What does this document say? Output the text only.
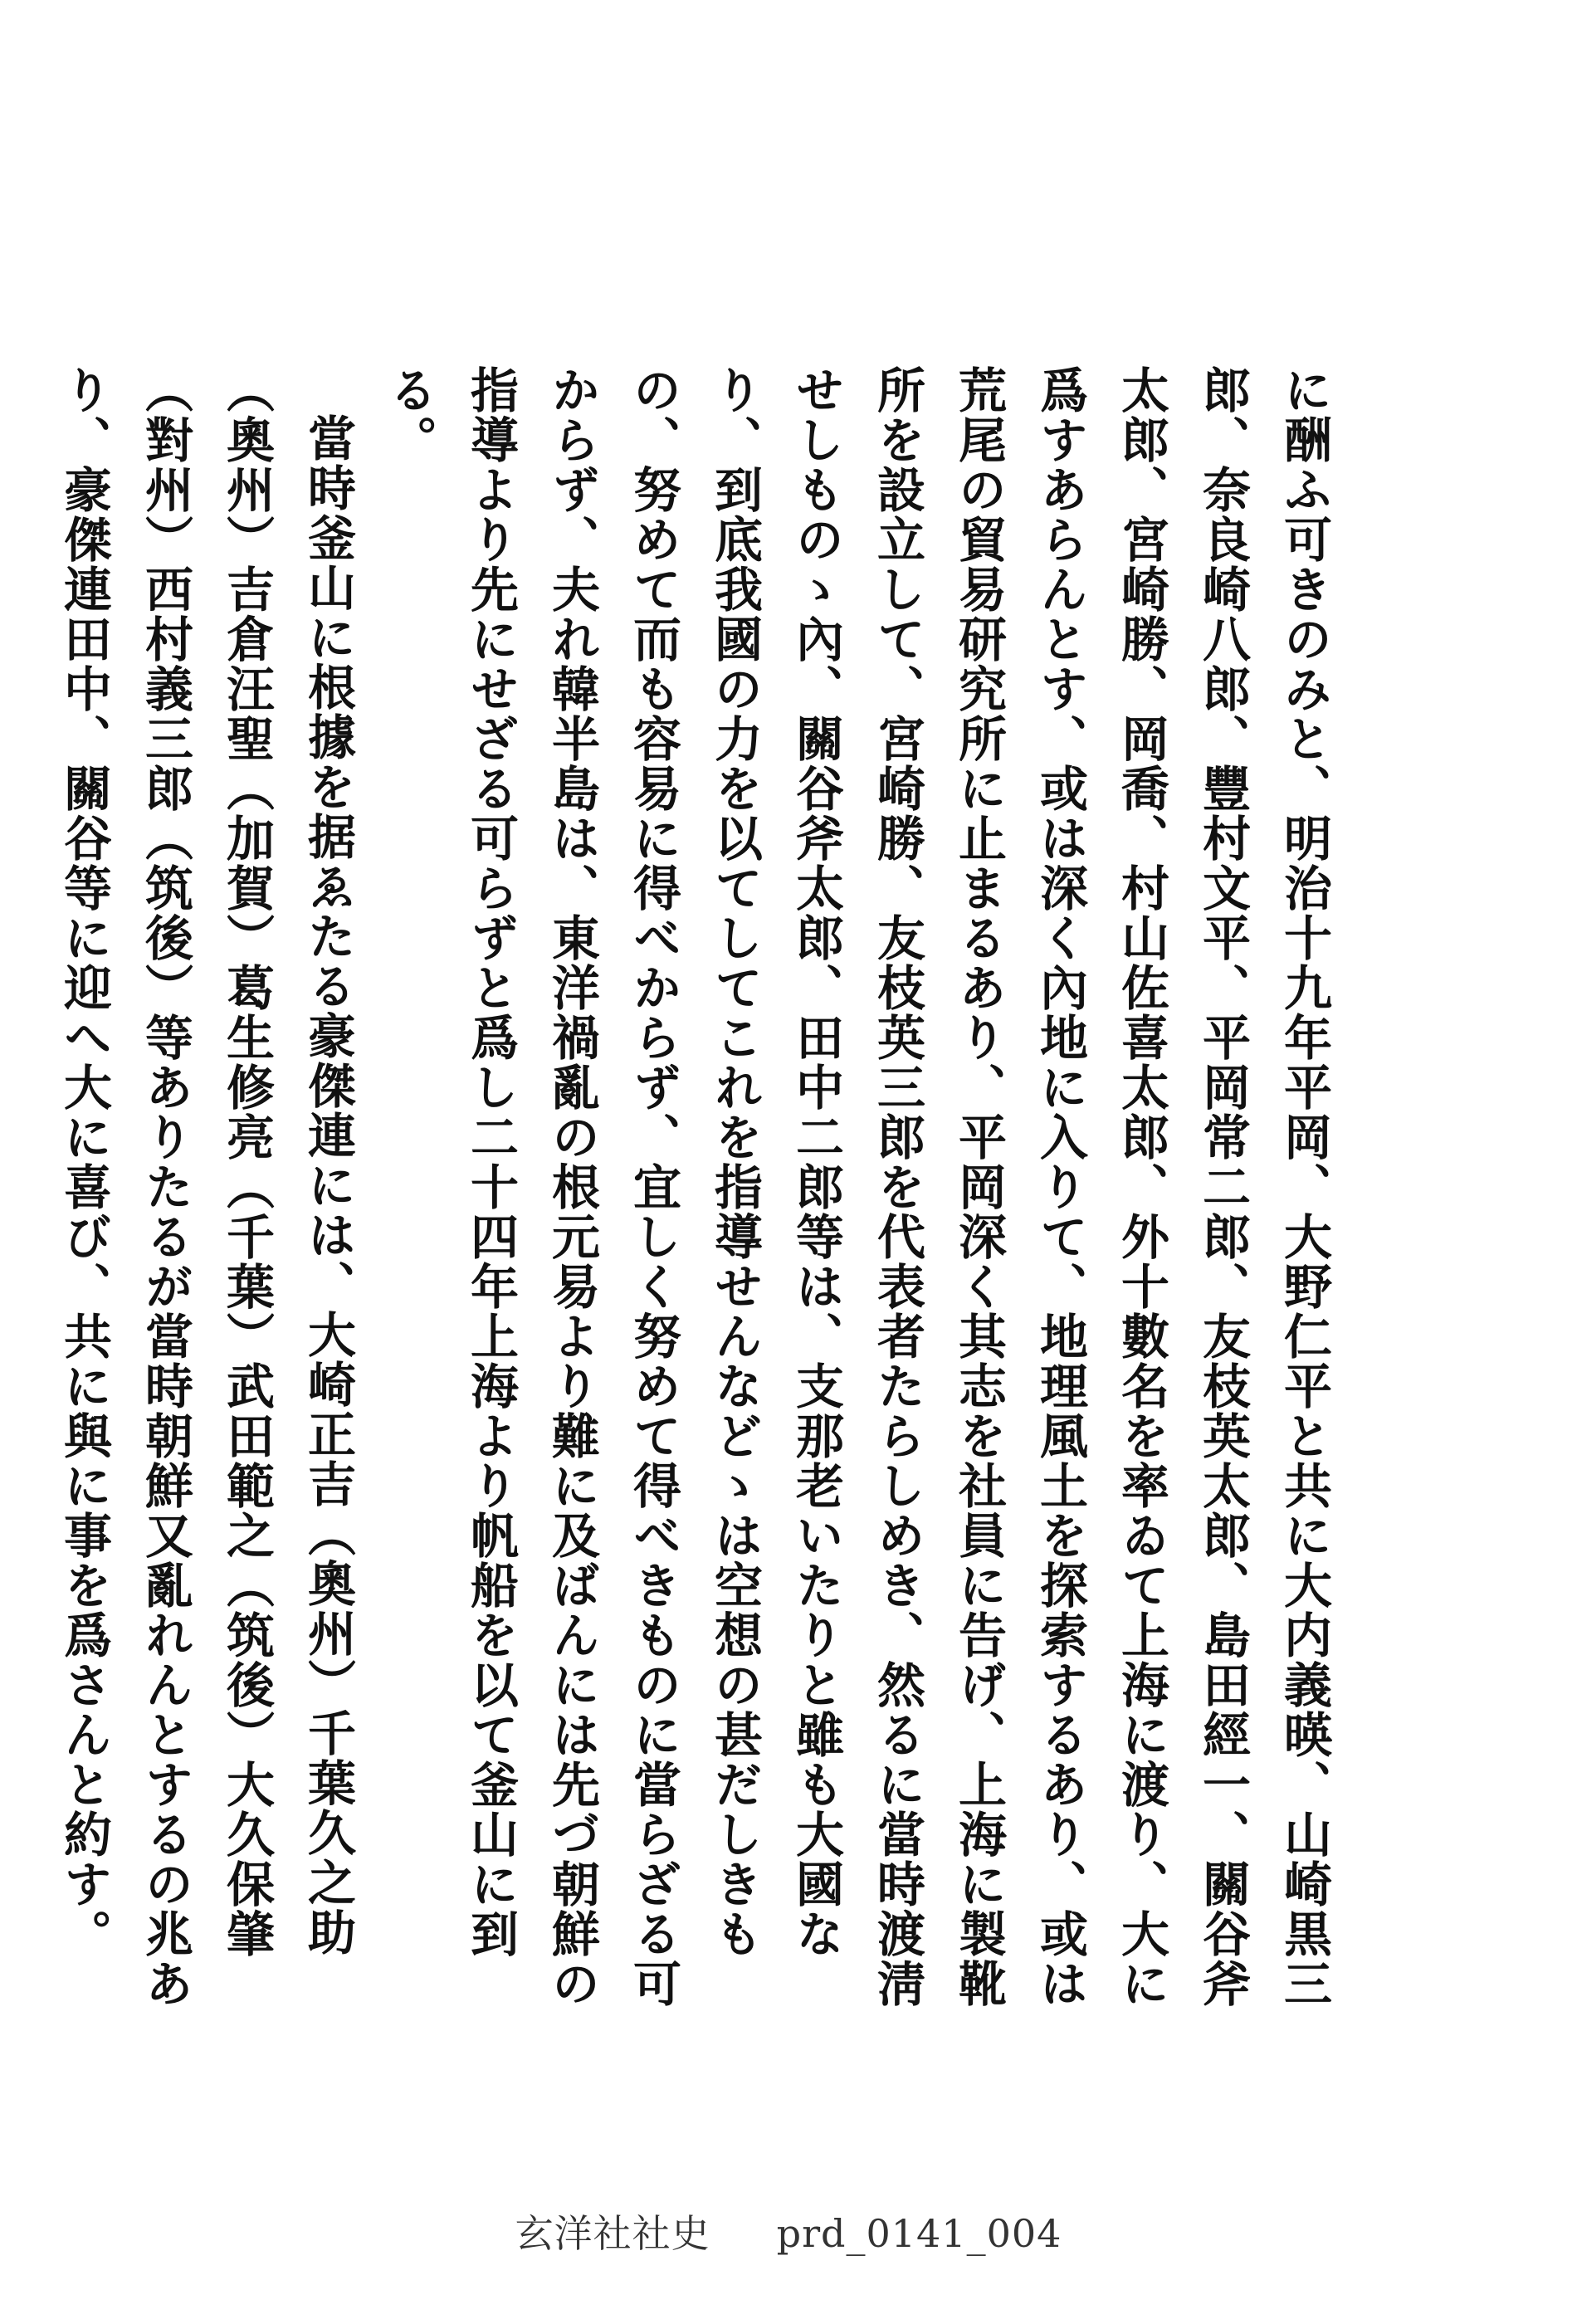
に酬ふ可きのみと、明治十九年平岡、大野仁平と共に大内義暎、山崎黒三郎、奈良崎八郎、豐村文平、平岡常二郎、友枝英太郎、島田經一、關谷斧太郎、宮崎勝、岡喬、村山佐喜太郎、外十數名を率ゐて上海に渡り、大に爲すあらんとす、或は深く內地に入りて、地理風土を探索するあり、或は荒尾の貿易研究所に止まるあり、平岡深く其志を社員に告げ、上海に製靴所を設立して、宮崎勝、友枝英三郎を代表者たらしめき、然るに當時渡淸せしものゝ內、關谷斧太郎、田中二郎等は、支那老いたりと雖も大國なり、到底我國の力を以てしてこれを指導せんなどゝは空想の甚だしきもの、努めて而も容易に得べからず、宜しく努めて得べきものに當らざる可からず、夫れ韓半島は、東洋禍亂の根元易より難に及ばんには先づ朝鮮の指導より先にせざる可らずと爲し二十四年上海より帆船を以て釜山に到る。

當時釜山に根據を据ゑたる豪傑連には、大崎正吉（奧州）千葉久之助（奧州）吉倉汪聖（加賀）葛生修亮（千葉）武田範之（筑後）大久保肇（對州）西村義三郎（筑後）等ありたるが當時朝鮮又亂れんとするの兆あり、豪傑連田中、關谷等に迎へ大に喜び、共に與に事を爲さんと約す。

玄洋社社史 prd_0141_004
